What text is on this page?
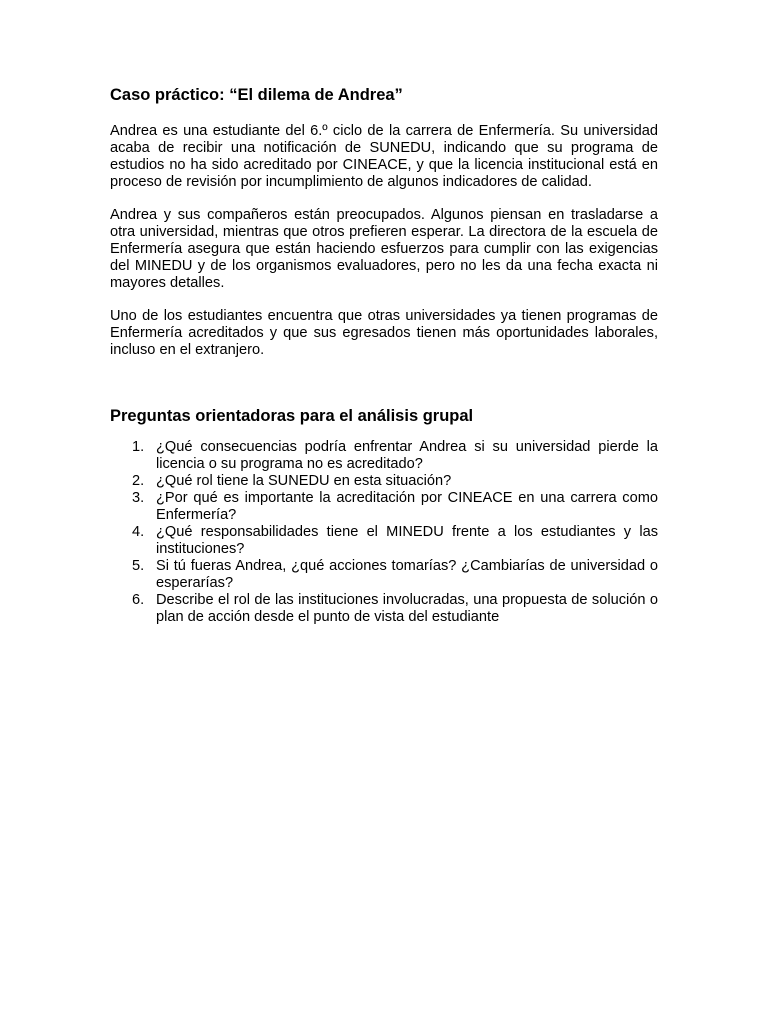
Caso práctico: “El dilema de Andrea”

Andrea es una estudiante del 6.º ciclo de la carrera de Enfermería. Su universidad acaba de recibir una notificación de SUNEDU, indicando que su programa de estudios no ha sido acreditado por CINEACE, y que la licencia institucional está en proceso de revisión por incumplimiento de algunos indicadores de calidad.

Andrea y sus compañeros están preocupados. Algunos piensan en trasladarse a otra universidad, mientras que otros prefieren esperar. La directora de la escuela de Enfermería asegura que están haciendo esfuerzos para cumplir con las exigencias del MINEDU y de los organismos evaluadores, pero no les da una fecha exacta ni mayores detalles.

Uno de los estudiantes encuentra que otras universidades ya tienen programas de Enfermería acreditados y que sus egresados tienen más oportunidades laborales, incluso en el extranjero.

Preguntas orientadoras para el análisis grupal
1. ¿Qué consecuencias podría enfrentar Andrea si su universidad pierde la licencia o su programa no es acreditado?
2. ¿Qué rol tiene la SUNEDU en esta situación?
3. ¿Por qué es importante la acreditación por CINEACE en una carrera como Enfermería?
4. ¿Qué responsabilidades tiene el MINEDU frente a los estudiantes y las instituciones?
5. Si tú fueras Andrea, ¿qué acciones tomarías? ¿Cambiarías de universidad o esperarías?
6. Describe el rol de las instituciones involucradas, una propuesta de solución o plan de acción desde el punto de vista del estudiante
